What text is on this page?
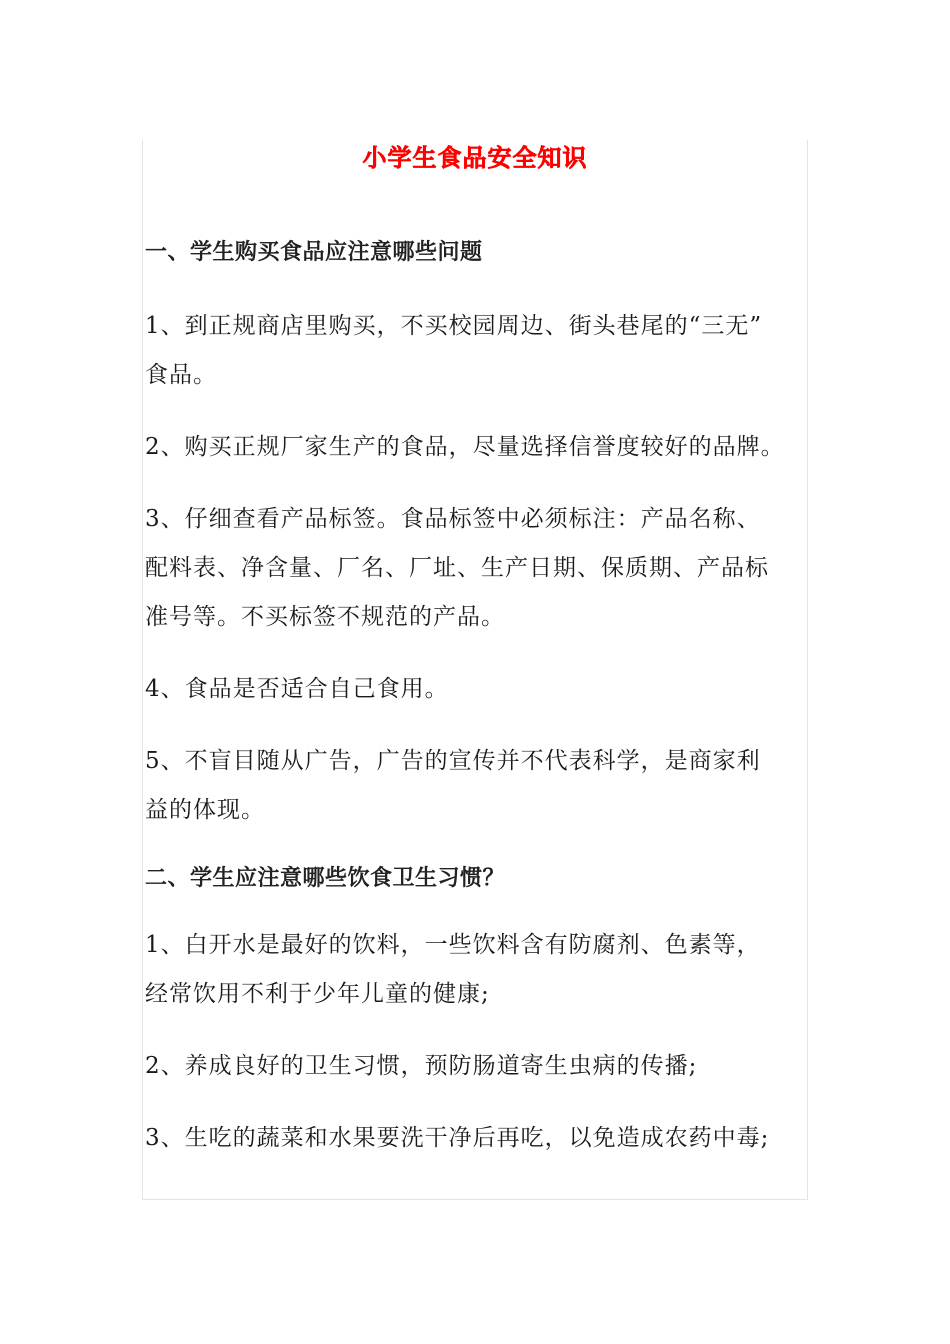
小学生食品安全知识
一、学生购买食品应注意哪些问题
1、到正规商店里购买，不买校园周边、街头巷尾的“三无”
食品。
2、购买正规厂家生产的食品，尽量选择信誉度较好的品牌。
3、仔细查看产品标签。食品标签中必须标注：产品名称、
配料表、净含量、厂名、厂址、生产日期、保质期、产品标
准号等。不买标签不规范的产品。
4、食品是否适合自己食用。
5、不盲目随从广告，广告的宣传并不代表科学，是商家利
益的体现。
二、学生应注意哪些饮食卫生习惯？
1、白开水是最好的饮料，一些饮料含有防腐剂、色素等，
经常饮用不利于少年儿童的健康;
2、养成良好的卫生习惯，预防肠道寄生虫病的传播;
3、生吃的蔬菜和水果要洗干净后再吃，以免造成农药中毒;
